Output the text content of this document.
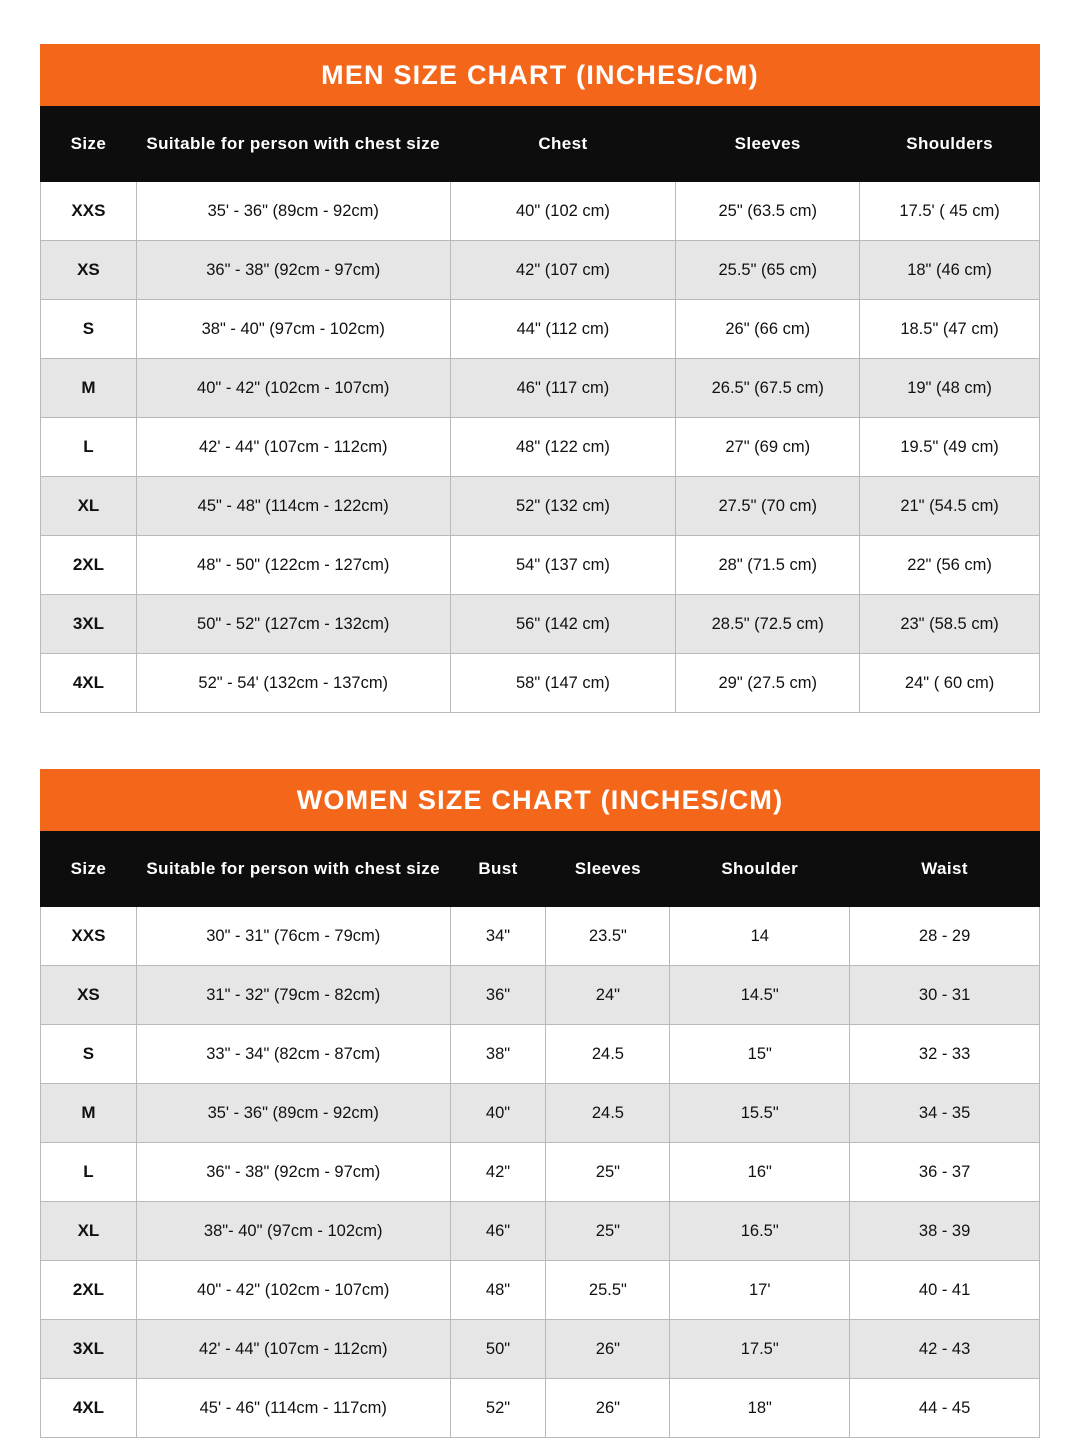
MEN SIZE CHART (INCHES/CM)
Size	Suitable for person with chest size	Chest	Sleeves	Shoulders
XXS	35' - 36" (89cm - 92cm)	40" (102 cm)	25" (63.5 cm)	17.5' ( 45 cm)
XS	36" - 38" (92cm - 97cm)	42" (107 cm)	25.5" (65 cm)	18" (46 cm)
S	38" - 40" (97cm - 102cm)	44" (112 cm)	26" (66 cm)	18.5" (47 cm)
M	40" - 42" (102cm - 107cm)	46" (117 cm)	26.5" (67.5 cm)	19" (48 cm)
L	42' - 44" (107cm - 112cm)	48" (122 cm)	27" (69 cm)	19.5" (49 cm)
XL	45" - 48" (114cm - 122cm)	52" (132 cm)	27.5" (70 cm)	21" (54.5 cm)
2XL	48" - 50" (122cm - 127cm)	54" (137 cm)	28" (71.5 cm)	22" (56 cm)
3XL	50" - 52" (127cm - 132cm)	56" (142 cm)	28.5" (72.5 cm)	23" (58.5 cm)
4XL	52" - 54' (132cm - 137cm)	58" (147 cm)	29" (27.5 cm)	24" ( 60 cm)
WOMEN SIZE CHART (INCHES/CM)
Size	Suitable for person with chest size	Bust	Sleeves	Shoulder	Waist
XXS	30" - 31" (76cm - 79cm)	34"	23.5"	14	28 - 29
XS	31" - 32" (79cm - 82cm)	36"	24"	14.5"	30 - 31
S	33" - 34" (82cm - 87cm)	38"	24.5	15"	32 - 33
M	35' - 36" (89cm - 92cm)	40"	24.5	15.5"	34 - 35
L	36" - 38" (92cm - 97cm)	42"	25"	16"	36 - 37
XL	38"- 40" (97cm - 102cm)	46"	25"	16.5"	38 - 39
2XL	40" - 42" (102cm - 107cm)	48"	25.5"	17'	40 - 41
3XL	42' - 44" (107cm - 112cm)	50"	26"	17.5"	42 - 43
4XL	45' - 46" (114cm - 117cm)	52"	26"	18"	44 - 45
